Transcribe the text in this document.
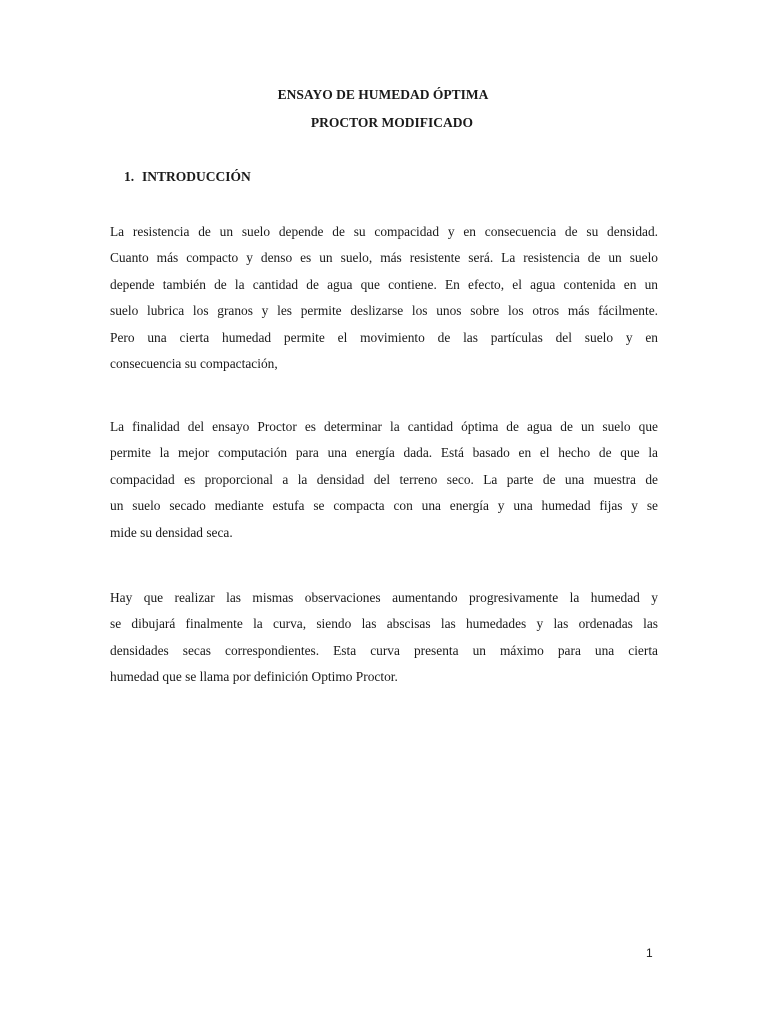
ENSAYO DE HUMEDAD ÓPTIMA
PROCTOR MODIFICADO
1. INTRODUCCIÓN
La resistencia de un suelo depende de su compacidad y en consecuencia de su densidad.
Cuanto más compacto y denso es un suelo, más resistente será. La resistencia de un suelo
depende también de la cantidad de agua que contiene. En efecto, el agua contenida en un
suelo lubrica los granos y les permite deslizarse los unos sobre los otros más fácilmente.
Pero una cierta humedad permite el movimiento de las partículas del suelo y en
consecuencia su compactación,
La finalidad del ensayo Proctor es determinar la cantidad óptima de agua de un suelo que
permite la mejor computación para una energía dada. Está basado en el hecho de que la
compacidad es proporcional a la densidad del terreno seco. La parte de una muestra de
un suelo secado mediante estufa se compacta con una energía y una humedad fijas y se
mide su densidad seca.
Hay que realizar las mismas observaciones aumentando progresivamente la humedad y
se dibujará finalmente la curva, siendo las abscisas las humedades y las ordenadas las
densidades secas correspondientes. Esta curva presenta un máximo para una cierta
humedad que se llama por definición Optimo Proctor.
1
